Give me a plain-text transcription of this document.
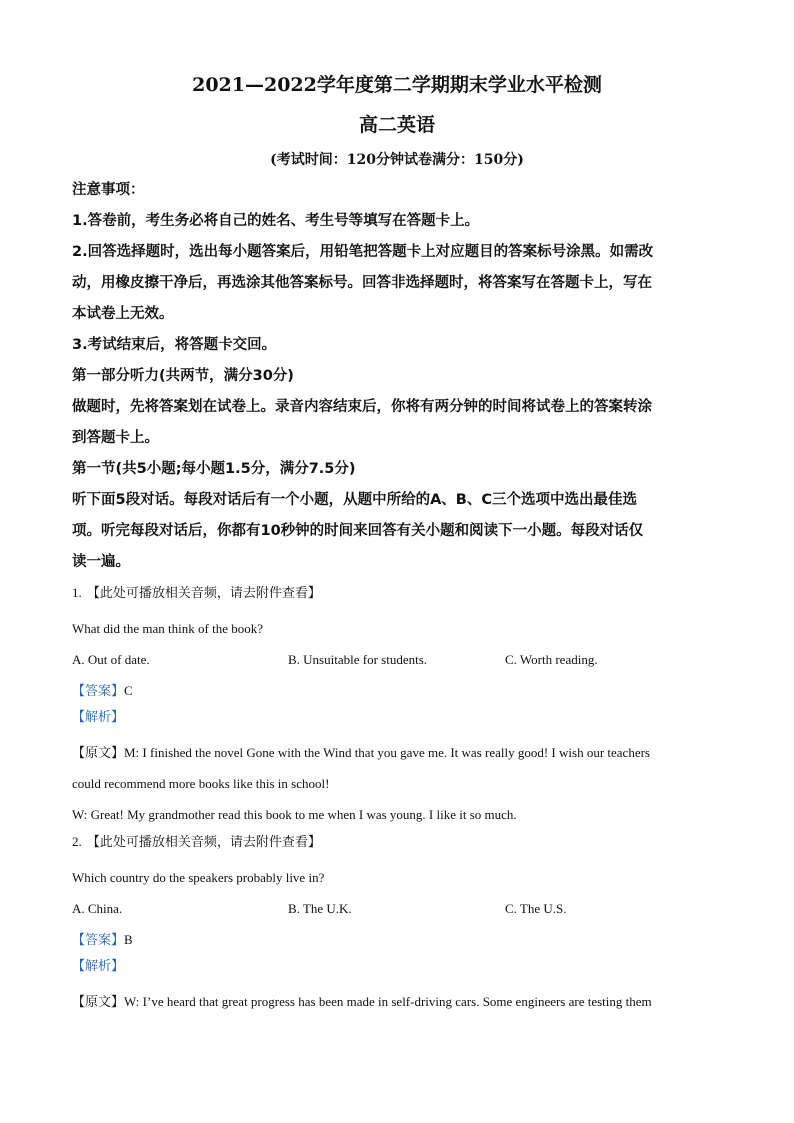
2021—2022学年度第二学期期末学业水平检测
高二英语
(考试时间：120分钟试卷满分：150分)
注意事项：
1.答卷前，考生务必将自己的姓名、考生号等填写在答题卡上。
2.回答选择题时，选出每小题答案后，用铅笔把答题卡上对应题目的答案标号涂黑。如需改
动，用橡皮擦干净后，再选涂其他答案标号。回答非选择题时，将答案写在答题卡上，写在
本试卷上无效。
3.考试结束后，将答题卡交回。
第一部分听力(共两节，满分30分)
做题时，先将答案划在试卷上。录音内容结束后，你将有两分钟的时间将试卷上的答案转涂
到答题卡上。
第一节(共5小题;每小题1.5分，满分7.5分)
听下面5段对话。每段对话后有一个小题，从题中所给的A、B、C三个选项中选出最佳选
项。听完每段对话后，你都有10秒钟的时间来回答有关小题和阅读下一小题。每段对话仅
读一遍。
1. 【此处可播放相关音频，请去附件查看】
What did the man think of the book?
A. Out of date.	B. Unsuitable for students.	C. Worth reading.
【答案】C
【解析】
【原文】M: I finished the novel Gone with the Wind that you gave me. It was really good! I wish our teachers
could recommend more books like this in school!
W: Great! My grandmother read this book to me when I was young. I like it so much.
2. 【此处可播放相关音频，请去附件查看】
Which country do the speakers probably live in?
A. China.	B. The U.K.	C. The U.S.
【答案】B
【解析】
【原文】W: I’ve heard that great progress has been made in self-driving cars. Some engineers are testing them
